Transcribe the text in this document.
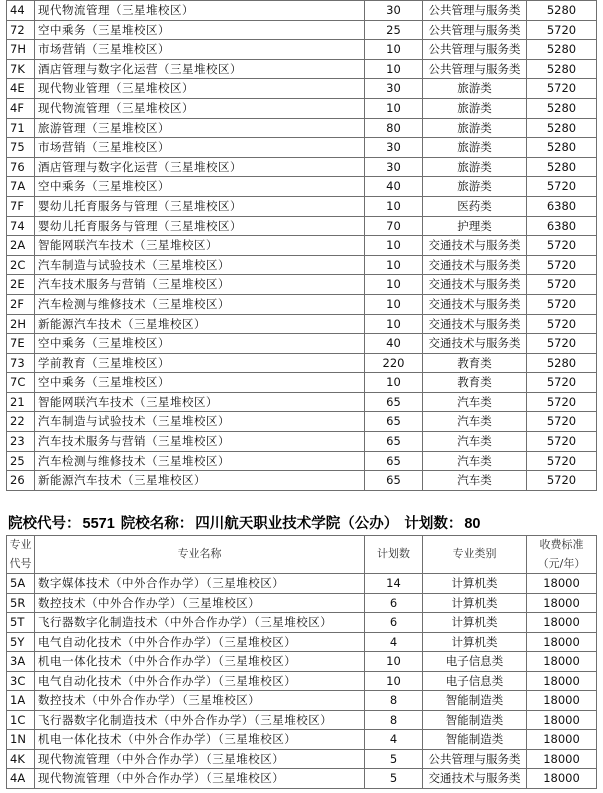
44	现代物流管理（三星堆校区）	30	公共管理与服务类	5280
72	空中乘务（三星堆校区）	25	公共管理与服务类	5720
7H	市场营销（三星堆校区）	10	公共管理与服务类	5280
7K	酒店管理与数字化运营（三星堆校区）	10	公共管理与服务类	5280
4E	现代物业管理（三星堆校区）	30	旅游类	5720
4F	现代物流管理（三星堆校区）	10	旅游类	5280
71	旅游管理（三星堆校区）	80	旅游类	5280
75	市场营销（三星堆校区）	30	旅游类	5280
76	酒店管理与数字化运营（三星堆校区）	30	旅游类	5280
7A	空中乘务（三星堆校区）	40	旅游类	5720
7F	婴幼儿托育服务与管理（三星堆校区）	10	医药类	6380
74	婴幼儿托育服务与管理（三星堆校区）	70	护理类	6380
2A	智能网联汽车技术（三星堆校区）	10	交通技术与服务类	5720
2C	汽车制造与试验技术（三星堆校区）	10	交通技术与服务类	5720
2E	汽车技术服务与营销（三星堆校区）	10	交通技术与服务类	5720
2F	汽车检测与维修技术（三星堆校区）	10	交通技术与服务类	5720
2H	新能源汽车技术（三星堆校区）	10	交通技术与服务类	5720
7E	空中乘务（三星堆校区）	40	交通技术与服务类	5720
73	学前教育（三星堆校区）	220	教育类	5280
7C	空中乘务（三星堆校区）	10	教育类	5720
21	智能网联汽车技术（三星堆校区）	65	汽车类	5720
22	汽车制造与试验技术（三星堆校区）	65	汽车类	5720
23	汽车技术服务与营销（三星堆校区）	65	汽车类	5720
25	汽车检测与维修技术（三星堆校区）	65	汽车类	5720
26	新能源汽车技术（三星堆校区）	65	汽车类	5720
院校代号： 5571 院校名称： 四川航天职业技术学院（公办） 计划数： 80
专业
代号	专业名称	计划数	专业类别	收费标准
（元/年）
5A	数字媒体技术（中外合作办学）（三星堆校区）	14	计算机类	18000
5R	数控技术（中外合作办学）（三星堆校区）	6	计算机类	18000
5T	飞行器数字化制造技术（中外合作办学）（三星堆校区）	6	计算机类	18000
5Y	电气自动化技术（中外合作办学）（三星堆校区）	4	计算机类	18000
3A	机电一体化技术（中外合作办学）（三星堆校区）	10	电子信息类	18000
3C	电气自动化技术（中外合作办学）（三星堆校区）	10	电子信息类	18000
1A	数控技术（中外合作办学）（三星堆校区）	8	智能制造类	18000
1C	飞行器数字化制造技术（中外合作办学）（三星堆校区）	8	智能制造类	18000
1N	机电一体化技术（中外合作办学）（三星堆校区）	4	智能制造类	18000
4K	现代物流管理（中外合作办学）（三星堆校区）	5	公共管理与服务类	18000
4A	现代物流管理（中外合作办学）（三星堆校区）	5	交通技术与服务类	18000
